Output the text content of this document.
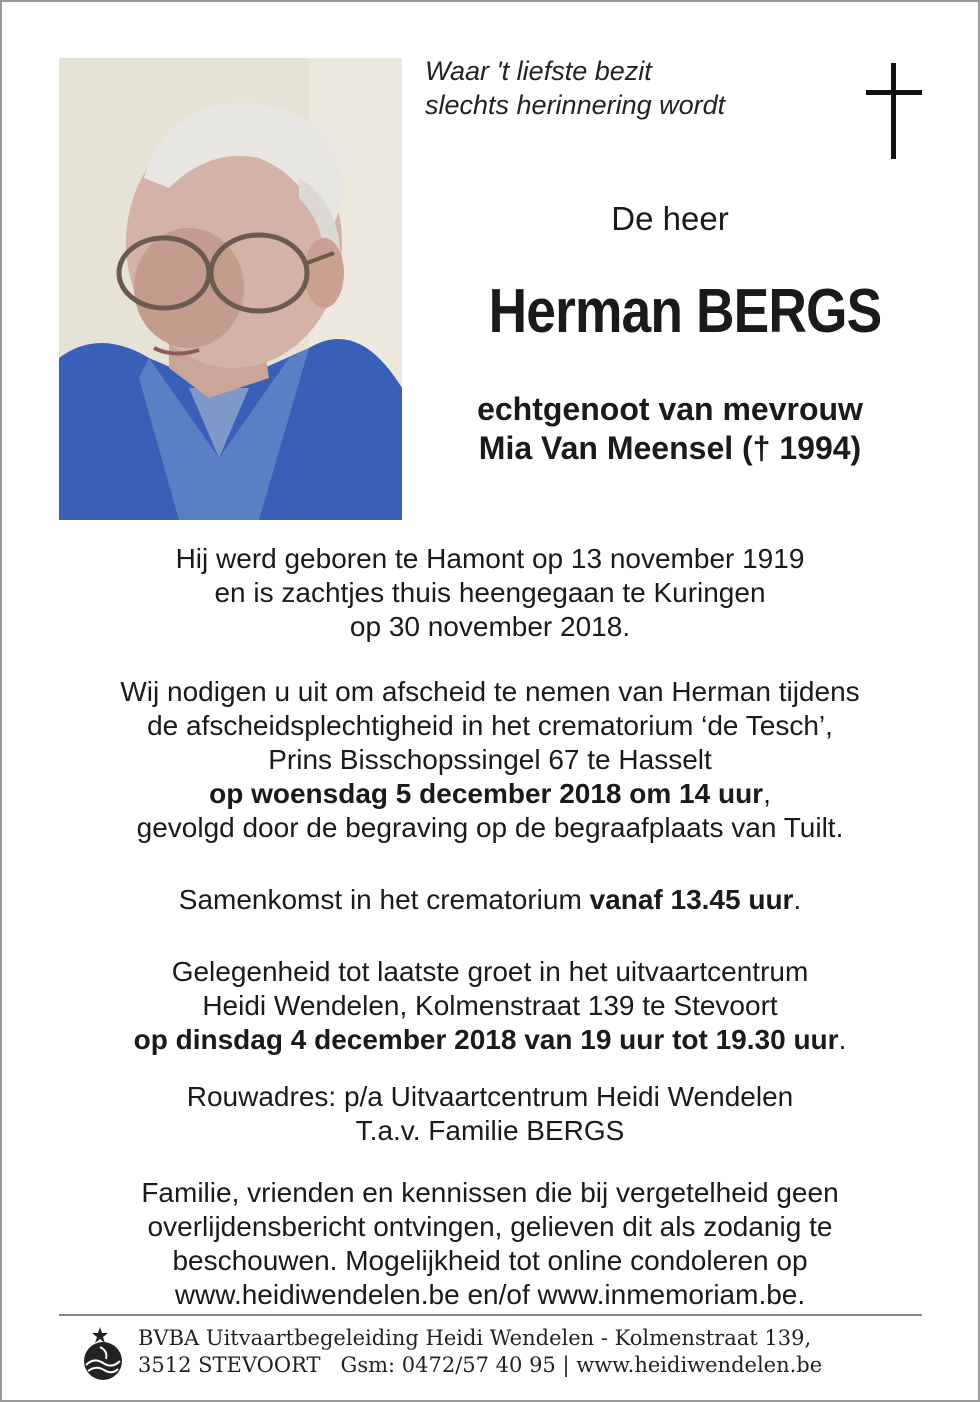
Waar 't liefste bezit
slechts herinnering wordt
De heer
Herman BERGS
echtgenoot van mevrouw
Mia Van Meensel († 1994)
Hij werd geboren te Hamont op 13 november 1919
en is zachtjes thuis heengegaan te Kuringen
op 30 november 2018.
Wij nodigen u uit om afscheid te nemen van Herman tijdens
de afscheidsplechtigheid in het crematorium ‘de Tesch’,
Prins Bisschopssingel 67 te Hasselt
op woensdag 5 december 2018 om 14 uur,
gevolgd door de begraving op de begraafplaats van Tuilt.
Samenkomst in het crematorium vanaf 13.45 uur.
Gelegenheid tot laatste groet in het uitvaartcentrum
Heidi Wendelen, Kolmenstraat 139 te Stevoort
op dinsdag 4 december 2018 van 19 uur tot 19.30 uur.
Rouwadres: p/a Uitvaartcentrum Heidi Wendelen
T.a.v. Familie BERGS
Familie, vrienden en kennissen die bij vergetelheid geen
overlijdensbericht ontvingen, gelieven dit als zodanig te
beschouwen. Mogelijkheid tot online condoleren op
www.heidiwendelen.be en/of www.inmemoriam.be.
BVBA Uitvaartbegeleiding Heidi Wendelen - Kolmenstraat 139,
3512 STEVOORT   Gsm: 0472/57 40 95 | www.heidiwendelen.be
